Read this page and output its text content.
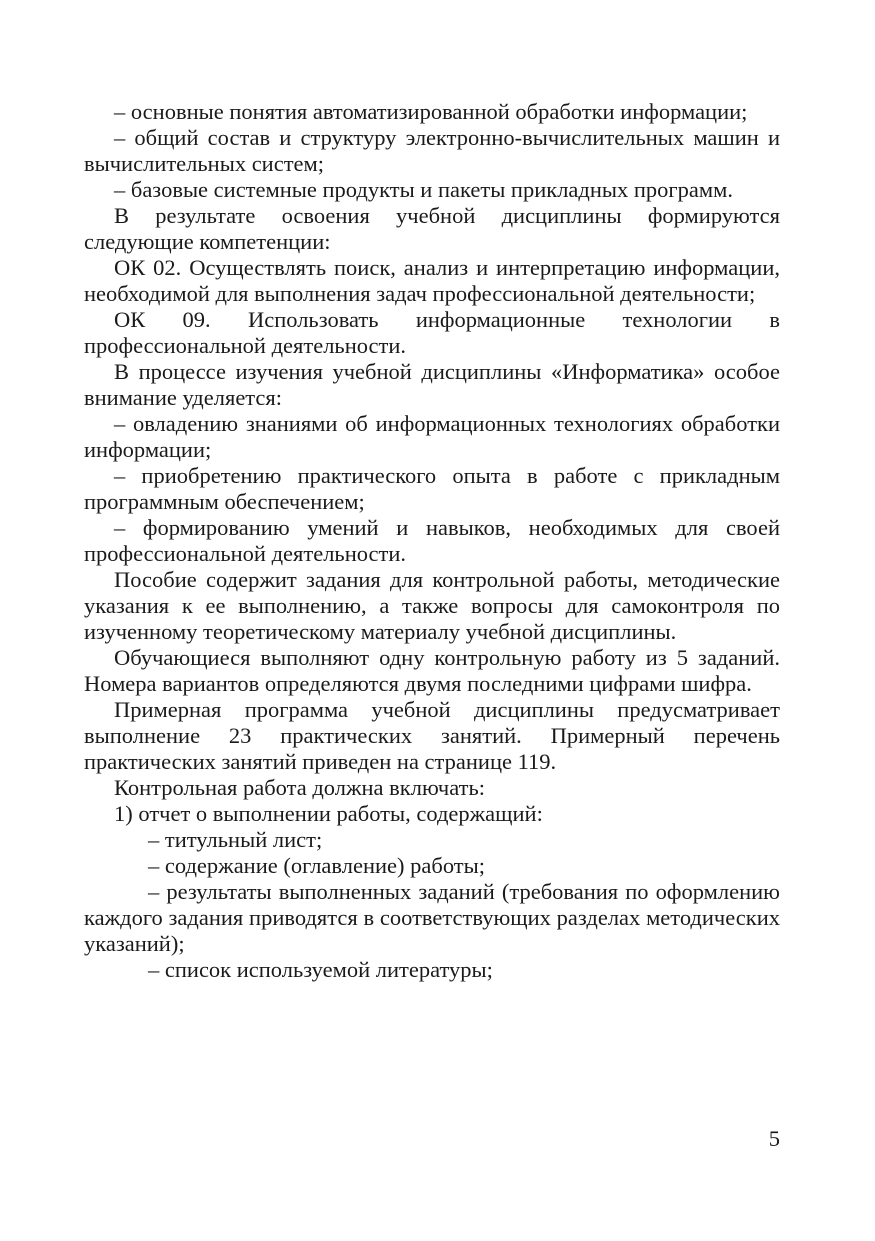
– основные понятия автоматизированной обработки информации;

– общий состав и структуру электронно-вычислительных машин и вычислительных систем;

– базовые системные продукты и пакеты прикладных программ.

В результате освоения учебной дисциплины формируются следующие компетенции:

ОК 02. Осуществлять поиск, анализ и интерпретацию информации, необходимой для выполнения задач профессиональной деятельности;

ОК 09. Использовать информационные технологии в профессиональной деятельности.

В процессе изучения учебной дисциплины «Информатика» особое внимание уделяется:

– овладению знаниями об информационных технологиях обработки информации;

– приобретению практического опыта в работе с прикладным программным обеспечением;

– формированию умений и навыков, необходимых для своей профессиональной деятельности.

Пособие содержит задания для контрольной работы, методические указания к ее выполнению, а также вопросы для самоконтроля по изученному теоретическому материалу учебной дисциплины.

Обучающиеся выполняют одну контрольную работу из 5 заданий. Номера вариантов определяются двумя последними цифрами шифра.

Примерная программа учебной дисциплины предусматривает выполнение 23 практических занятий. Примерный перечень практических занятий приведен на странице 119.

Контрольная работа должна включать:

1) отчет о выполнении работы, содержащий:

– титульный лист;

– содержание (оглавление) работы;

– результаты выполненных заданий (требования по оформлению каждого задания приводятся в соответствующих разделах методических указаний);

– список используемой литературы;

5
